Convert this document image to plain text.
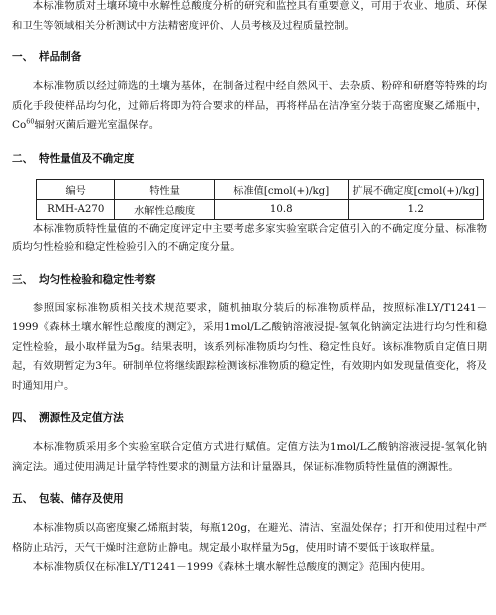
本标准物质对土壤环境中水解性总酸度分析的研究和监控具有重要意义，可用于农业、地质、环保和卫生等领域相关分析测试中方法精密度评价、人员考核及过程质量控制。

一、 样品制备

本标准物质以经过筛选的土壤为基体，在制备过程中经自然风干、去杂质、粉碎和研磨等特殊的均质化手段使样品均匀化，过筛后将即为符合要求的样品，再将样品在洁净室分装于高密度聚乙烯瓶中，Co$^{60}$辐射灭菌后避光室温保存。

二、 特性量值及不确定度
编号	特性量	标准值[cmol(+)/kg]	扩展不确定度[cmol(+)/kg]
RMH-A270	水解性总酸度	10.8	1.2

本标准物质特性量值的不确定度评定中主要考虑多家实验室联合定值引入的不确定度分量、标准物质均匀性检验和稳定性检验引入的不确定度分量。

三、 均匀性检验和稳定性考察

参照国家标准物质相关技术规范要求，随机抽取分装后的标准物质样品，按照标准LY/T1241－1999《森林土壤水解性总酸度的测定》，采用1mol/L乙酸钠溶液浸提-氢氧化钠滴定法进行均匀性和稳定性检验，最小取样量为5g。结果表明，该系列标准物质均匀性、稳定性良好。该标准物质自定值日期起，有效期暂定为3年。研制单位将继续跟踪检测该标准物质的稳定性，有效期内如发现量值变化，将及时通知用户。

四、 溯源性及定值方法

本标准物质采用多个实验室联合定值方式进行赋值。定值方法为1mol/L乙酸钠溶液浸提-氢氧化钠滴定法。通过使用满足计量学特性要求的测量方法和计量器具，保证标准物质特性量值的溯源性。

五、 包装、储存及使用

本标准物质以高密度聚乙烯瓶封装，每瓶120g，在避光、清洁、室温处保存；打开和使用过程中严格防止玷污，天气干燥时注意防止静电。规定最小取样量为5g，使用时请不要低于该取样量。

本标准物质仅在标准LY/T1241－1999《森林土壤水解性总酸度的测定》范围内使用。
